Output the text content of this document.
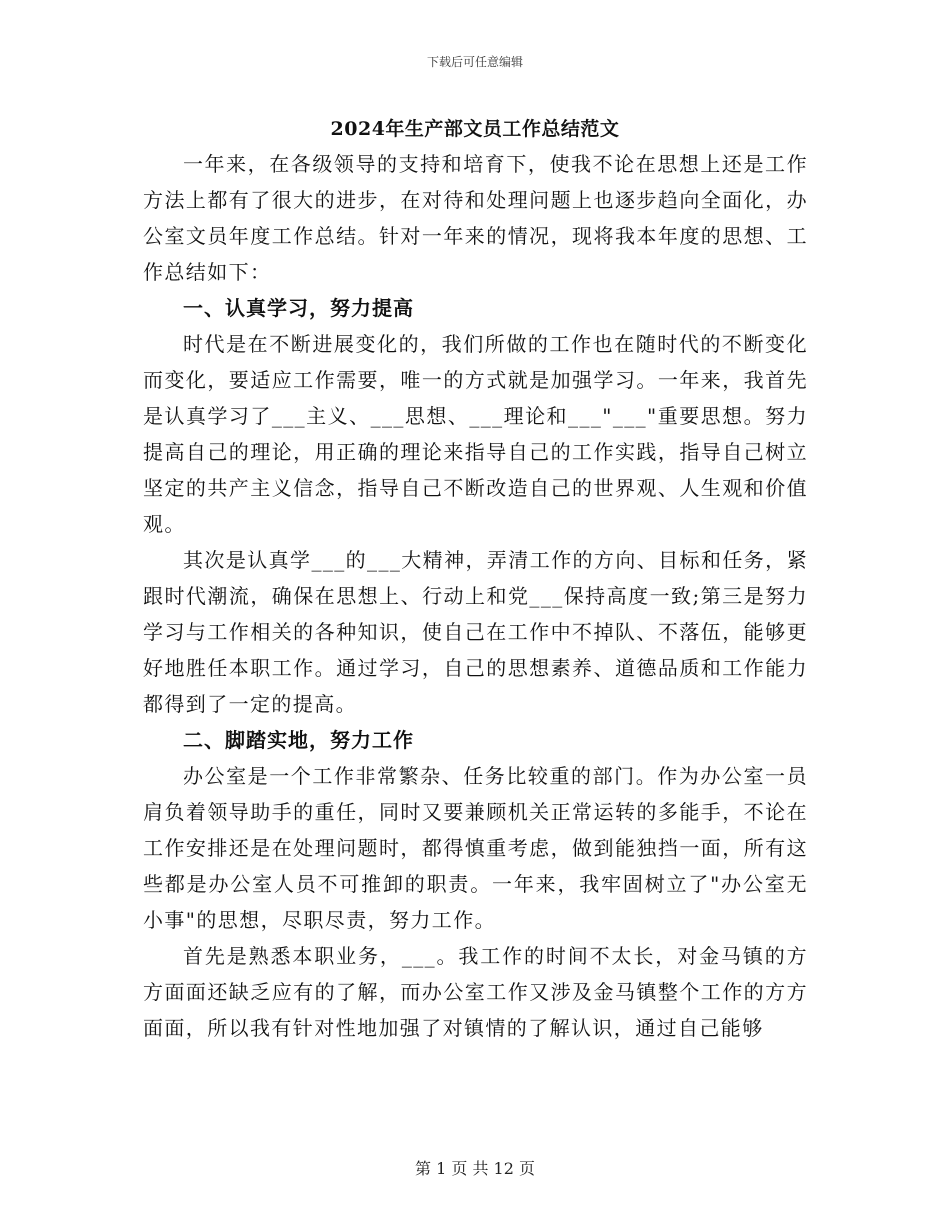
下载后可任意编辑
2024年生产部文员工作总结范文

一年来，在各级领导的支持和培育下，使我不论在思想上还是工作方法上都有了很大的进步，在对待和处理问题上也逐步趋向全面化，办公室文员年度工作总结。针对一年来的情况，现将我本年度的思想、工作总结如下：

一、认真学习，努力提高

时代是在不断进展变化的，我们所做的工作也在随时代的不断变化而变化，要适应工作需要，唯一的方式就是加强学习。一年来，我首先是认真学习了___主义、___思想、___理论和___"___"重要思想。努力提高自己的理论，用正确的理论来指导自己的工作实践，指导自己树立坚定的共产主义信念，指导自己不断改造自己的世界观、人生观和价值观。

其次是认真学___的___大精神，弄清工作的方向、目标和任务，紧跟时代潮流，确保在思想上、行动上和党___保持高度一致;第三是努力学习与工作相关的各种知识，使自己在工作中不掉队、不落伍，能够更好地胜任本职工作。通过学习，自己的思想素养、道德品质和工作能力都得到了一定的提高。

二、脚踏实地，努力工作

办公室是一个工作非常繁杂、任务比较重的部门。作为办公室一员肩负着领导助手的重任，同时又要兼顾机关正常运转的多能手，不论在工作安排还是在处理问题时，都得慎重考虑，做到能独挡一面，所有这些都是办公室人员不可推卸的职责。一年来，我牢固树立了"办公室无小事"的思想，尽职尽责，努力工作。

首先是熟悉本职业务，___。我工作的时间不太长，对金马镇的方方面面还缺乏应有的了解，而办公室工作又涉及金马镇整个工作的方方面面，所以我有针对性地加强了对镇情的了解认识，通过自己能够

第 1 页 共 12 页
